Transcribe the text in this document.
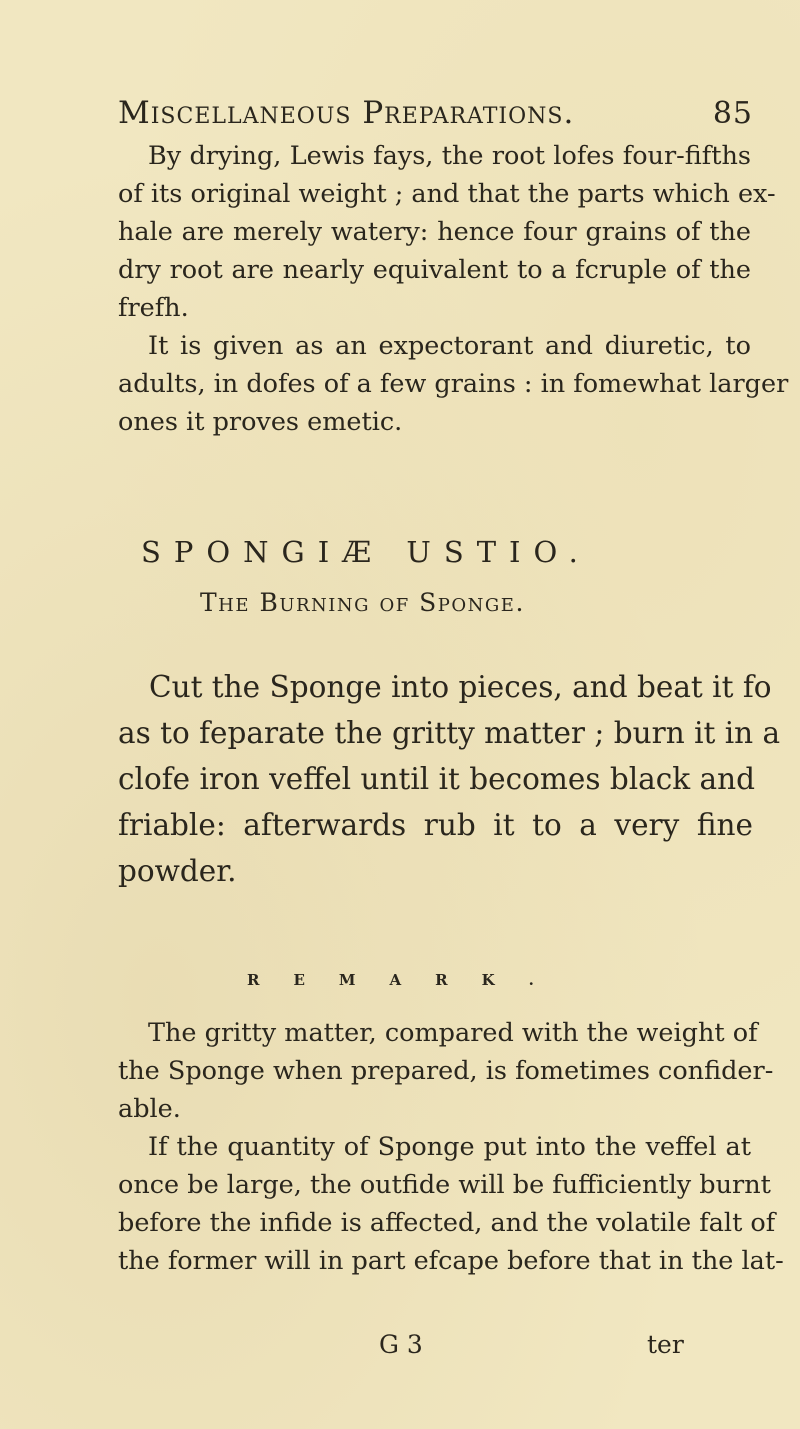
Miscellaneous Preparations.	85

By drying, Lewis fays, the root lofes four-fifths

of its original weight ; and that the parts which ex-

hale are merely watery: hence four grains of the

dry root are nearly equivalent to a fcruple of the

frefh.

It is given as an expectorant and diuretic, to

adults, in dofes of a few grains : in fomewhat larger

ones it proves emetic.

SPONGIÆ USTIO.
The Burning of Sponge.

Cut the Sponge into pieces, and beat it fo

as to feparate the gritty matter ; burn it in a

clofe iron veffel until it becomes black and

friable: afterwards rub it to a very fine

powder.

REMARK.

The gritty matter, compared with the weight of

the Sponge when prepared, is fometimes confider-

able.

If the quantity of Sponge put into the veffel at

once be large, the outfide will be fufficiently burnt

before the infide is affected, and the volatile falt of

the former will in part efcape before that in the lat-

G 3	ter
